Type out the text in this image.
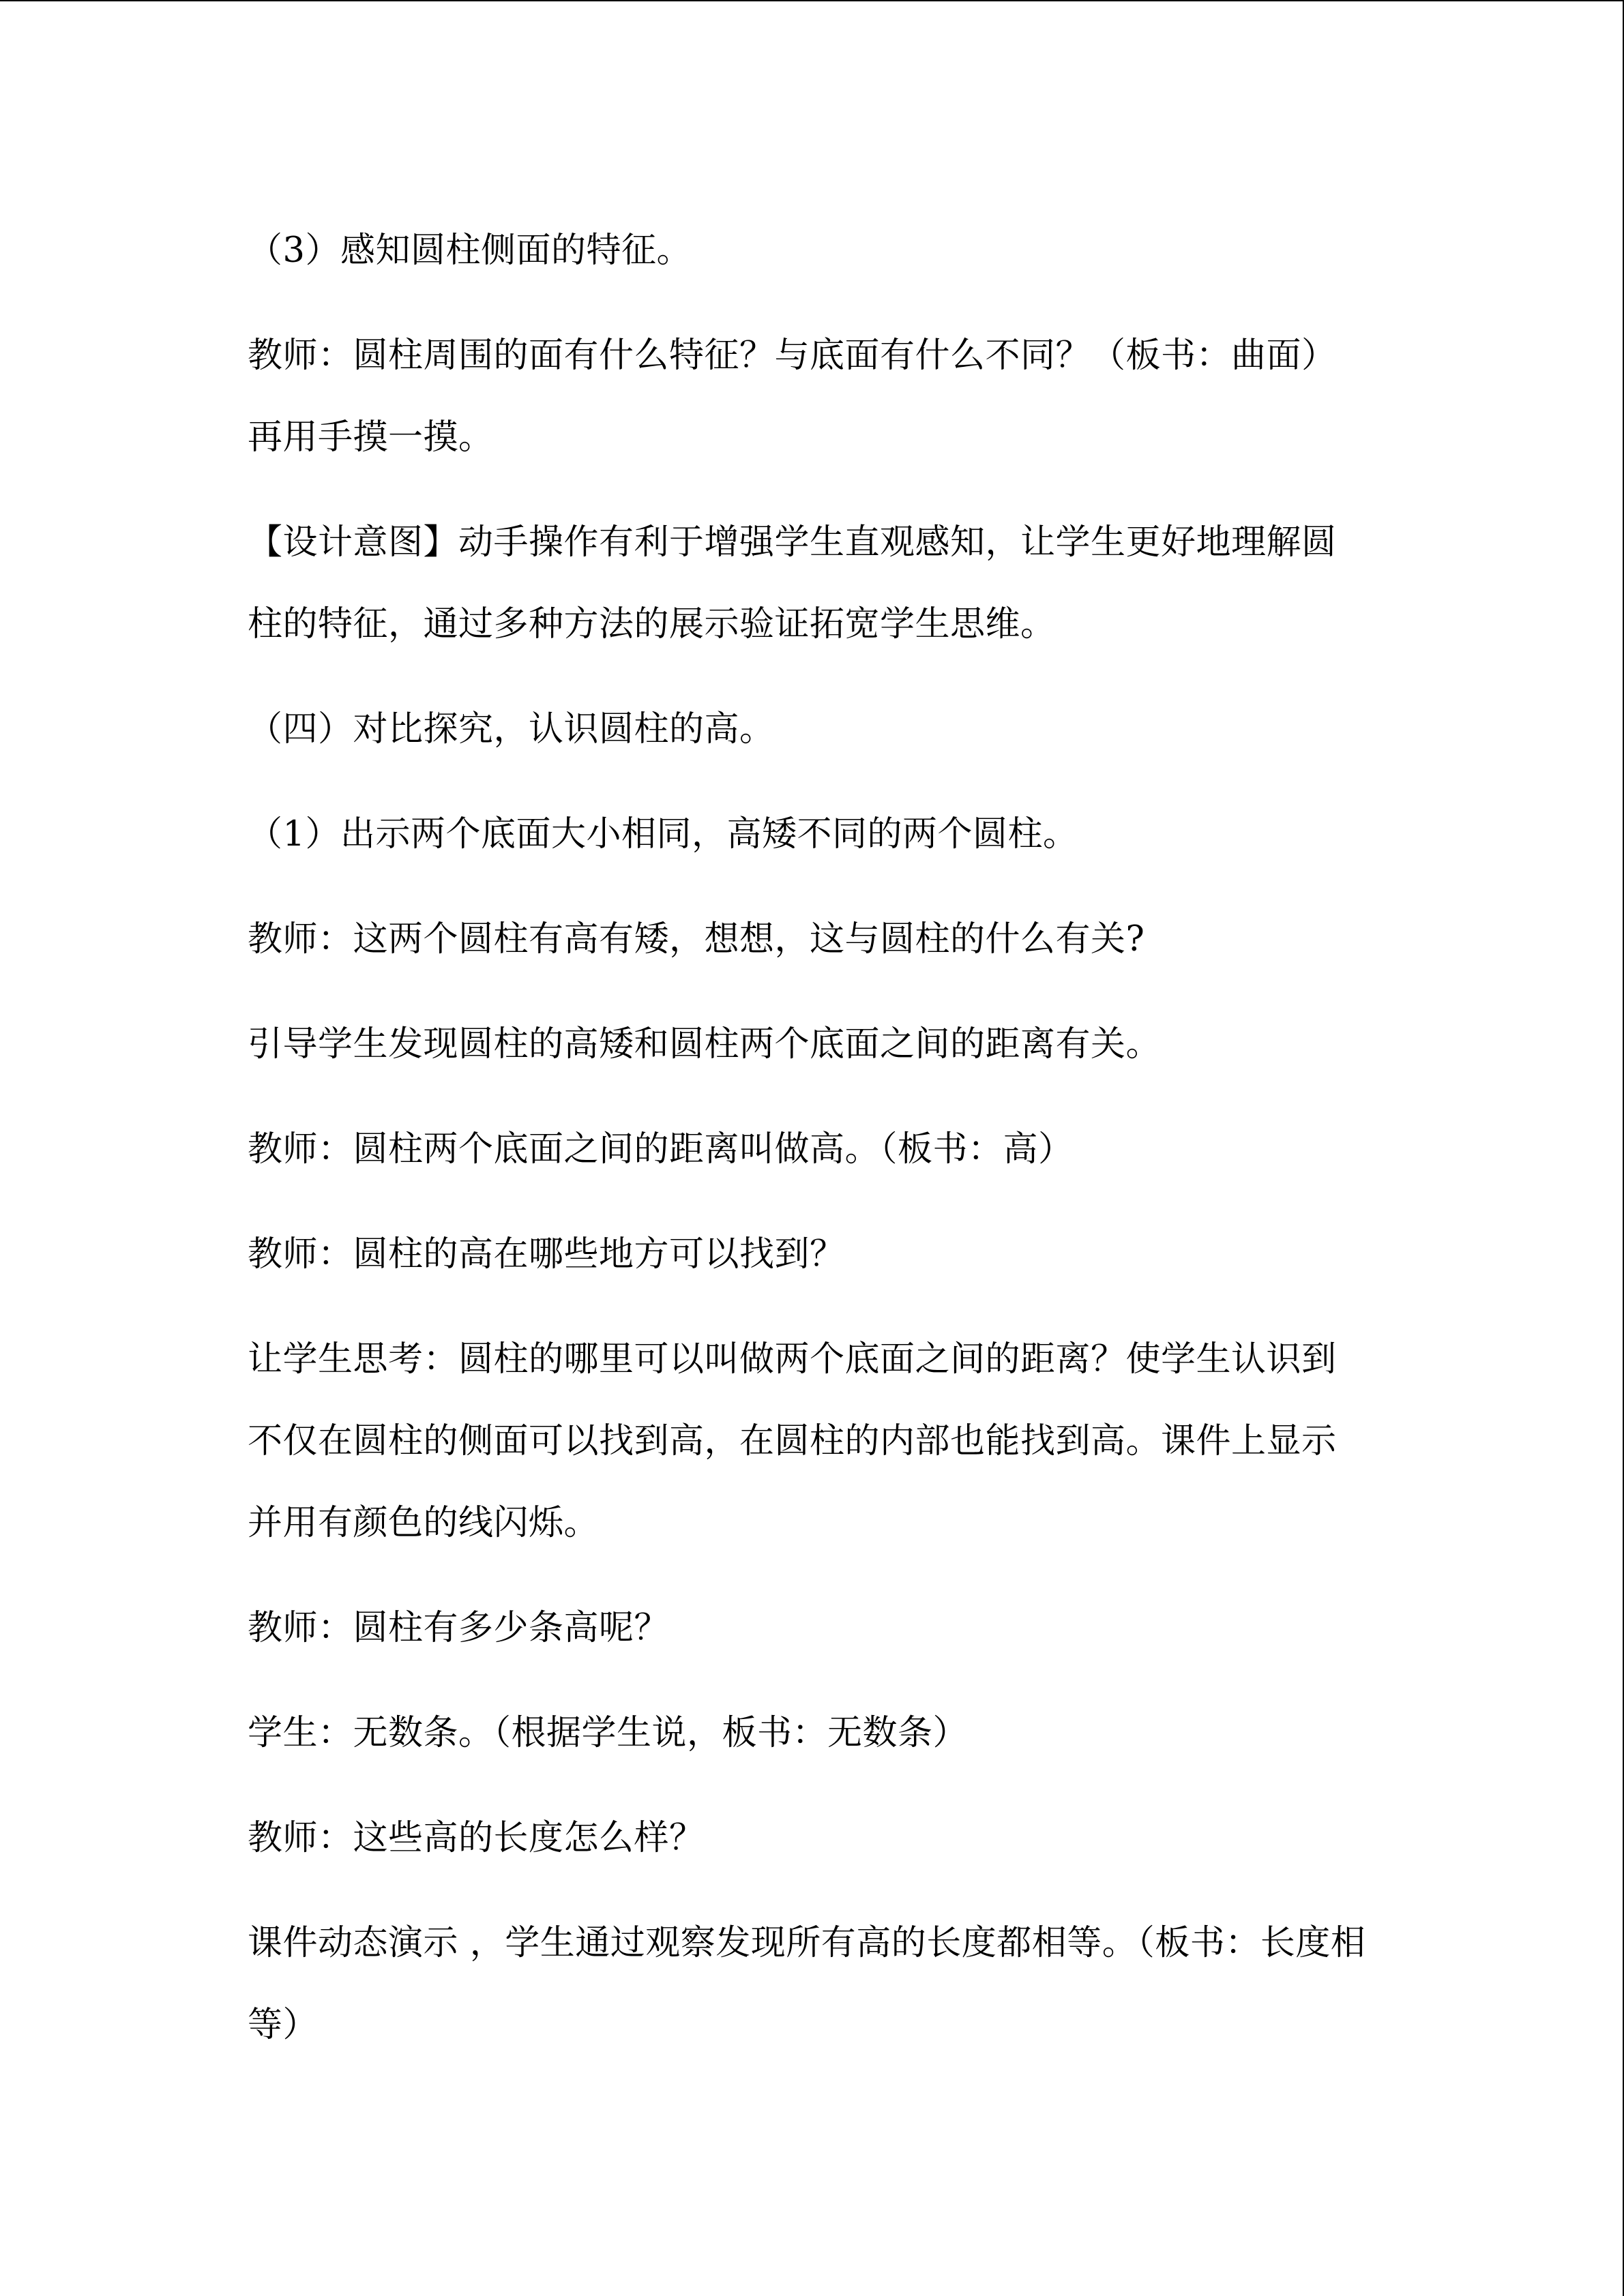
（3）感知圆柱侧面的特征。

教师：圆柱周围的面有什么特征？与底面有什么不同？（板书：曲面）再用手摸一摸。

【设计意图】动手操作有利于增强学生直观感知，让学生更好地理解圆柱的特征，通过多种方法的展示验证拓宽学生思维。

（四）对比探究，认识圆柱的高。

（1）出示两个底面大小相同，高矮不同的两个圆柱。

教师：这两个圆柱有高有矮，想想，这与圆柱的什么有关?

引导学生发现圆柱的高矮和圆柱两个底面之间的距离有关。

教师：圆柱两个底面之间的距离叫做高。（板书：高）

教师：圆柱的高在哪些地方可以找到？

让学生思考：圆柱的哪里可以叫做两个底面之间的距离？使学生认识到不仅在圆柱的侧面可以找到高，在圆柱的内部也能找到高。课件上显示并用有颜色的线闪烁。

教师：圆柱有多少条高呢？

学生：无数条。（根据学生说，板书：无数条）

教师：这些高的长度怎么样？

课件动态演示 ，学生通过观察发现所有高的长度都相等。（板书：长度相等）
